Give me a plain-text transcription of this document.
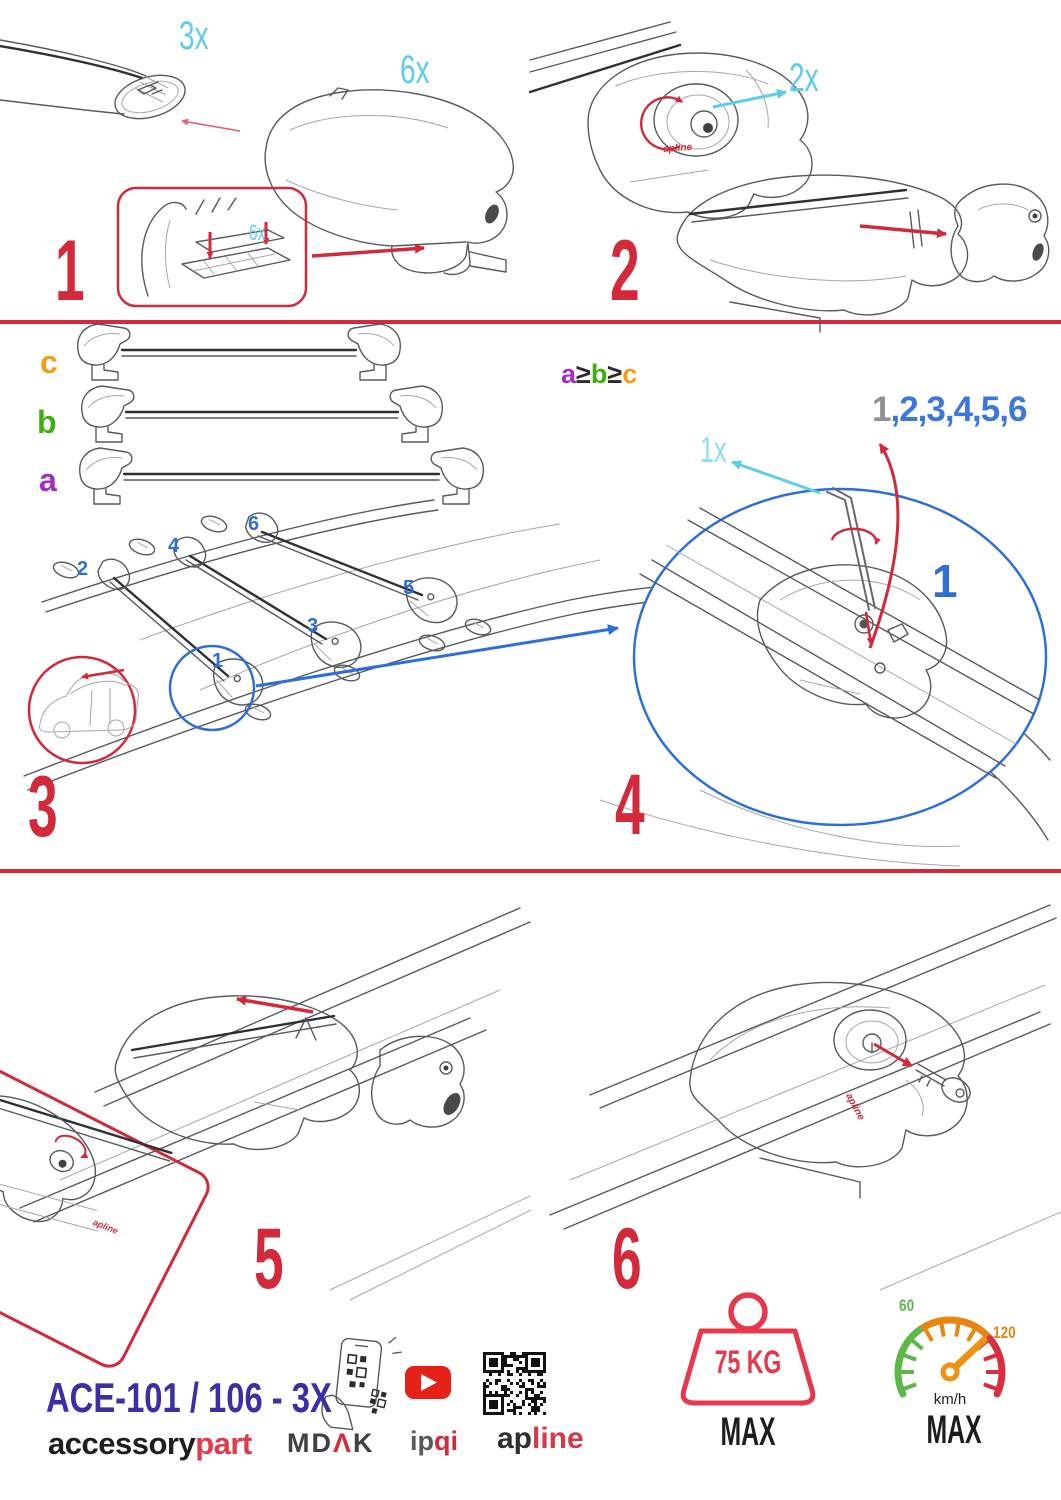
3x
6x
6x
1
2x
2
apline
c
b
a
a≥b≥c
1
2
3
4
5
6
3
1,2,3,4,5,6
1x
1
4
5
apline	6
apline
ACE-101 / 106 - 3X
accessorypart MDΛK ipqi apline
75 KG
MAX
60
120
km/h
MAX
